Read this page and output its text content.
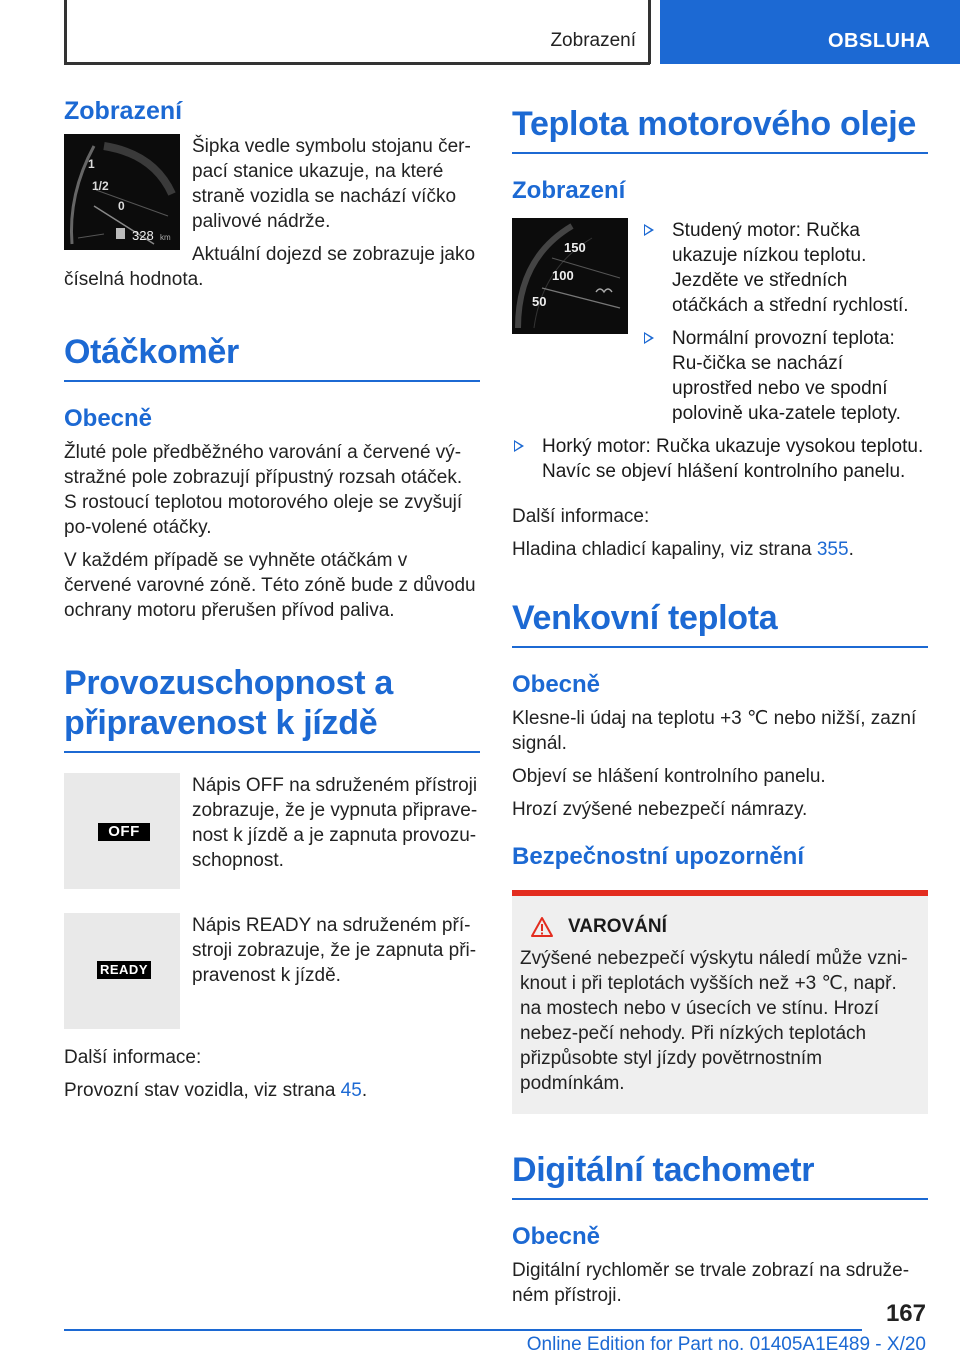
Zobrazení	OBSLUHA
Zobrazení
1
1/2
0
328 km

Šipka vedle symbolu stojanu čer-pací stanice ukazuje, na které straně vozidla se nachází víčko palivové nádrže.

Aktuální dojezd se zobrazuje jako číselná hodnota.

Otáčkoměr
Obecně

Žluté pole předběžného varování a červené vý-stražné pole zobrazují přípustný rozsah otáček. S rostoucí teplotou motorového oleje se zvyšují po-volené otáčky.

V každém případě se vyhněte otáčkám v červené varovné zóně. Této zóně bude z důvodu ochrany motoru přerušen přívod paliva.

Provozuschopnost a připravenost k jízdě
OFF

Nápis OFF na sdruženém přístroji zobrazuje, že je vypnuta připrave-nost k jízdě a je zapnuta provozu-schopnost.

READY

Nápis READY na sdruženém pří-stroji zobrazuje, že je zapnuta při-pravenost k jízdě.

Další informace:

Provozní stav vozidla, viz strana 45.

Teplota motorového oleje
Zobrazení
150
100
50
Studený motor: Ručka ukazuje nízkou teplotu. Jezděte ve středních otáčkách a střední rychlostí.
Normální provozní teplota: Ru-čička se nachází uprostřed nebo ve spodní polovině uka-zatele teploty.
Horký motor: Ručka ukazuje vysokou teplotu. Navíc se objeví hlášení kontrolního panelu.

Další informace:

Hladina chladicí kapaliny, viz strana 355.

Venkovní teplota
Obecně

Klesne-li údaj na teplotu +3 ℃ nebo nižší, zazní signál.

Objeví se hlášení kontrolního panelu.

Hrozí zvýšené nebezpečí námrazy.

Bezpečnostní upozornění
VAROVÁNÍ

Zvýšené nebezpečí výskytu náledí může vzni-knout i při teplotách vyšších než +3 ℃, např. na mostech nebo v úsecích ve stínu. Hrozí nebez-pečí nehody. Při nízkých teplotách přizpůsobte styl jízdy povětrnostním podmínkám.

Digitální tachometr
Obecně

Digitální rychloměr se trvale zobrazí na sdruže-ném přístroji.

167
Online Edition for Part no. 01405A1E489 - X/20
